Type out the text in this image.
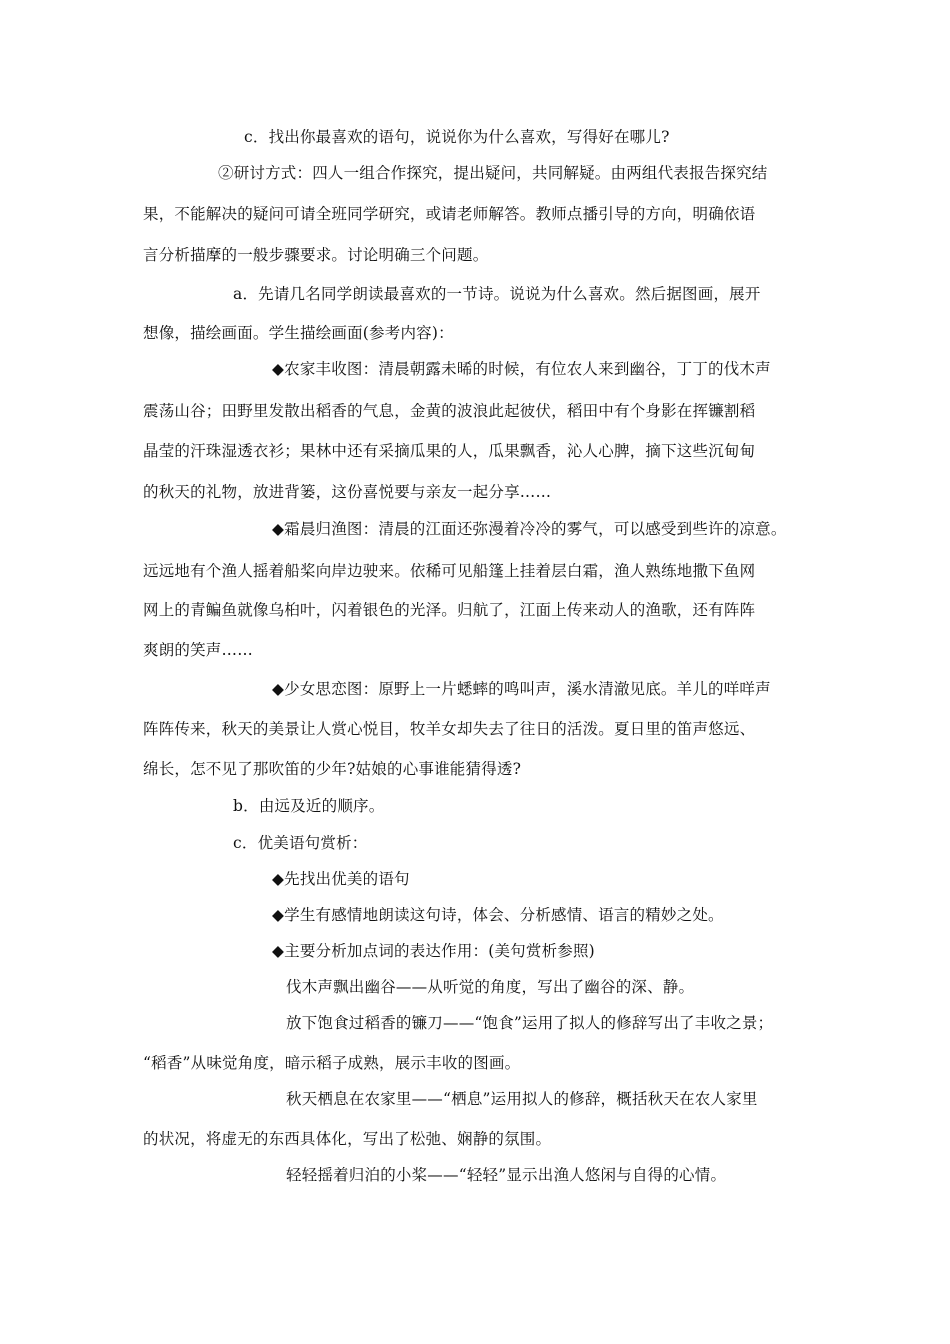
c．找出你最喜欢的语句，说说你为什么喜欢，写得好在哪儿?
②研讨方式：四人一组合作探究，提出疑问，共同解疑。由两组代表报告探究结
果，不能解决的疑问可请全班同学研究，或请老师解答。教师点播引导的方向，明确依语
言分析描摩的一般步骤要求。讨论明确三个问题。
a．先请几名同学朗读最喜欢的一节诗。说说为什么喜欢。然后据图画，展开
想像，描绘画面。学生描绘画面(参考内容)：
◆农家丰收图：清晨朝露未晞的时候，有位农人来到幽谷，丁丁的伐木声
震荡山谷；田野里发散出稻香的气息，金黄的波浪此起彼伏，稻田中有个身影在挥镰割稻
晶莹的汗珠湿透衣衫；果林中还有采摘瓜果的人，瓜果飘香，沁人心脾，摘下这些沉甸甸
的秋天的礼物，放进背篓，这份喜悦要与亲友一起分享……
◆霜晨归渔图：清晨的江面还弥漫着冷冷的雾气，可以感受到些许的凉意。
远远地有个渔人摇着船桨向岸边驶来。依稀可见船篷上挂着层白霜，渔人熟练地撒下鱼网
网上的青鳊鱼就像乌桕叶，闪着银色的光泽。归航了，江面上传来动人的渔歌，还有阵阵
爽朗的笑声……
◆少女思恋图：原野上一片蟋蟀的鸣叫声，溪水清澈见底。羊儿的咩咩声
阵阵传来，秋天的美景让人赏心悦目，牧羊女却失去了往日的活泼。夏日里的笛声悠远、
绵长，怎不见了那吹笛的少年?姑娘的心事谁能猜得透?
b．由远及近的顺序。
c．优美语句赏析：
◆先找出优美的语句
◆学生有感情地朗读这句诗，体会、分析感情、语言的精妙之处。
◆主要分析加点词的表达作用：(美句赏析参照)
伐木声飘出幽谷——从听觉的角度，写出了幽谷的深、静。
放下饱食过稻香的镰刀——“饱食”运用了拟人的修辞写出了丰收之景；
“稻香”从味觉角度，暗示稻子成熟，展示丰收的图画。
秋天栖息在农家里——“栖息”运用拟人的修辞，概括秋天在农人家里
的状况，将虚无的东西具体化，写出了松弛、娴静的氛围。
轻轻摇着归泊的小桨——“轻轻”显示出渔人悠闲与自得的心情。
